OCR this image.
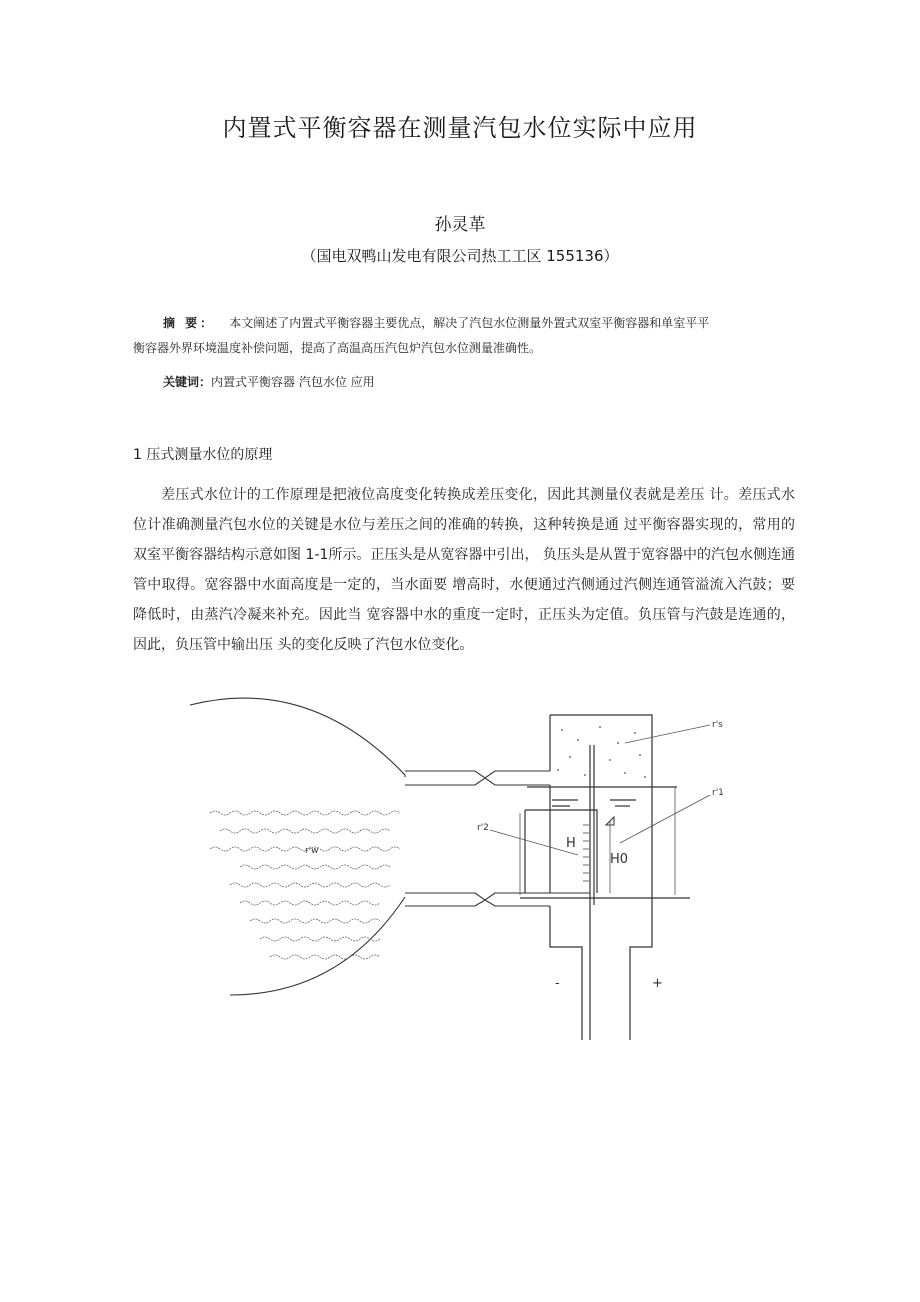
内置式平衡容器在测量汽包水位实际中应用
孙灵革
（国电双鸭山发电有限公司热工工区 155136）
摘 要： 本文阐述了内置式平衡容器主要优点，解决了汽包水位测量外置式双室平衡容器和单室平平
衡容器外界环境温度补偿问题，提高了高温高压汽包炉汽包水位测量准确性。
关键词：内置式平衡容器 汽包水位 应用
1 压式测量水位的原理

差压式水位计的工作原理是把液位高度变化转换成差压变化，因此其测量仪表就是差压 计。差压式水位计准确测量汽包水位的关键是水位与差压之间的准确的转换，这种转换是通 过平衡容器实现的，常用的双室平衡容器结构示意如图 1-1所示。正压头是从宽容器中引出， 负压头是从置于宽容器中的汽包水侧连通管中取得。宽容器中水面高度是一定的，当水面要 增高时，水便通过汽侧通过汽侧连通管溢流入汽鼓；要降低时，由蒸汽冷凝来补充。因此当 宽容器中水的重度一定时，正压头为定值。负压管与汽鼓是连通的，因此，负压管中输出压 头的变化反映了汽包水位变化。

r's
r'1
r'2
r'w	H
H0
-	+
